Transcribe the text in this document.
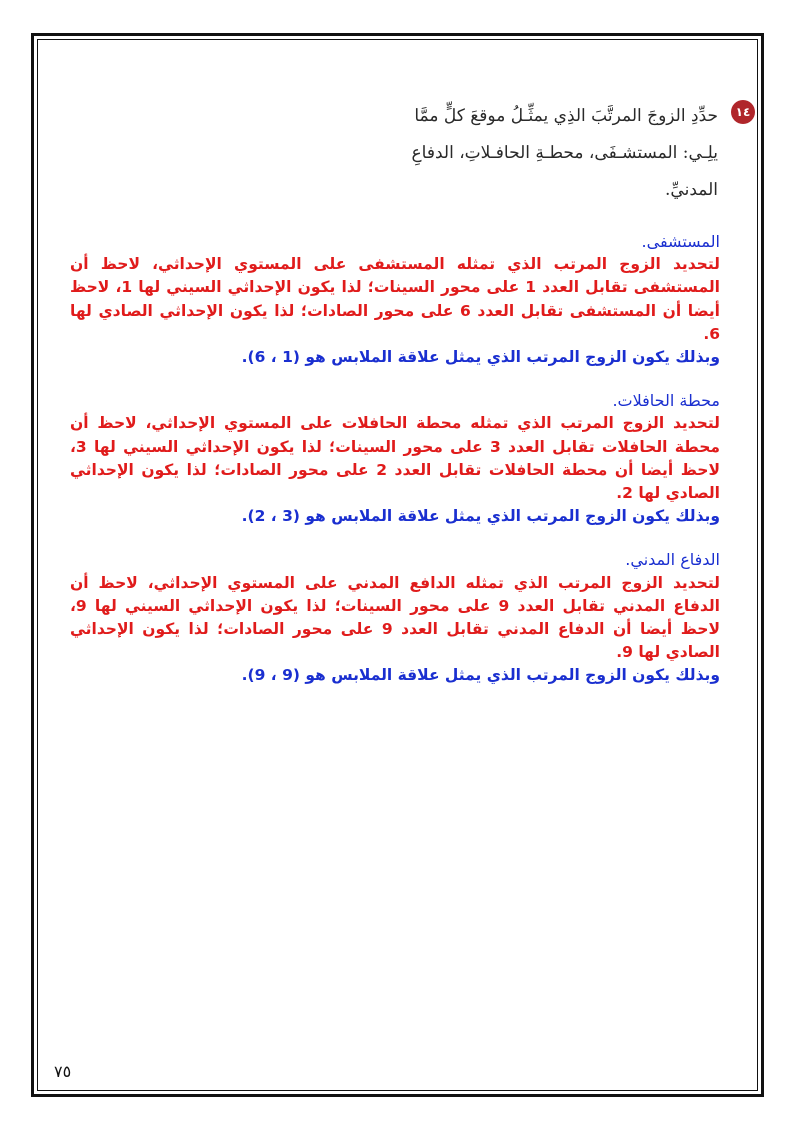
١٤
حدِّدِ الزوجَ المرتَّبَ الذِي يمثِّـلُ موقعَ كلٍّ ممَّا يلِـي: المستشـفَى، محطـةِ الحافـلاتِ، الدفاعِ المدنيِّ.

المستشفى.

لتحديد الزوج المرتب الذي تمثله المستشفى على المستوي الإحداثي، لاحظ أن المستشفى تقابل العدد 1 على محور السينات؛ لذا يكون الإحداثي السيني لها 1، لاحظ أيضا أن المستشفى تقابل العدد 6 على محور الصادات؛ لذا يكون الإحداثي الصادي لها 6.

وبذلك يكون الزوج المرتب الذي يمثل علاقة الملابس هو (1 ، 6).

محطة الحافلات.

لتحديد الزوج المرتب الذي تمثله محطة الحافلات على المستوي الإحداثي، لاحظ أن محطة الحافلات تقابل العدد 3 على محور السينات؛ لذا يكون الإحداثي السيني لها 3، لاحظ أيضا أن محطة الحافلات تقابل العدد 2 على محور الصادات؛ لذا يكون الإحداثي الصادي لها 2.

وبذلك يكون الزوج المرتب الذي يمثل علاقة الملابس هو (3 ، 2).

الدفاع المدني.

لتحديد الزوج المرتب الذي تمثله الدافع المدني على المستوي الإحداثي، لاحظ أن الدفاع المدني تقابل العدد 9 على محور السينات؛ لذا يكون الإحداثي السيني لها 9، لاحظ أيضا أن الدفاع المدني تقابل العدد 9 على محور الصادات؛ لذا يكون الإحداثي الصادي لها 9.

وبذلك يكون الزوج المرتب الذي يمثل علاقة الملابس هو (9 ، 9).

٧٥
